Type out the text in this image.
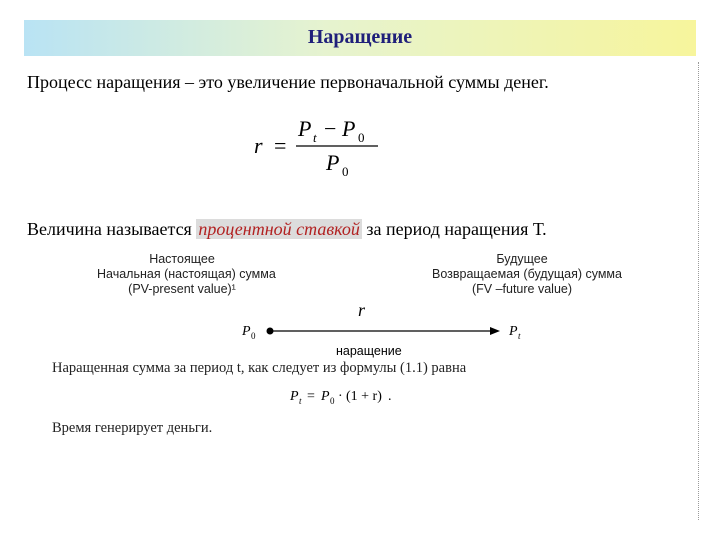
Наращение
Процесс наращения – это увеличение первоначальной суммы денег.
r =
P t − P 0
P 0
Величина называется процентной ставкой за период наращения Т.
Настоящее
Начальная (настоящая) сумма
(PV-present value)¹
Будущее
Возвращаемая (будущая) сумма
(FV –future value)
r
P 0	P t
наращение
Наращенная сумма за период t, как следует из формулы (1.1) равна
P t = P 0 · (1 + r) .
Время генерирует деньги.
